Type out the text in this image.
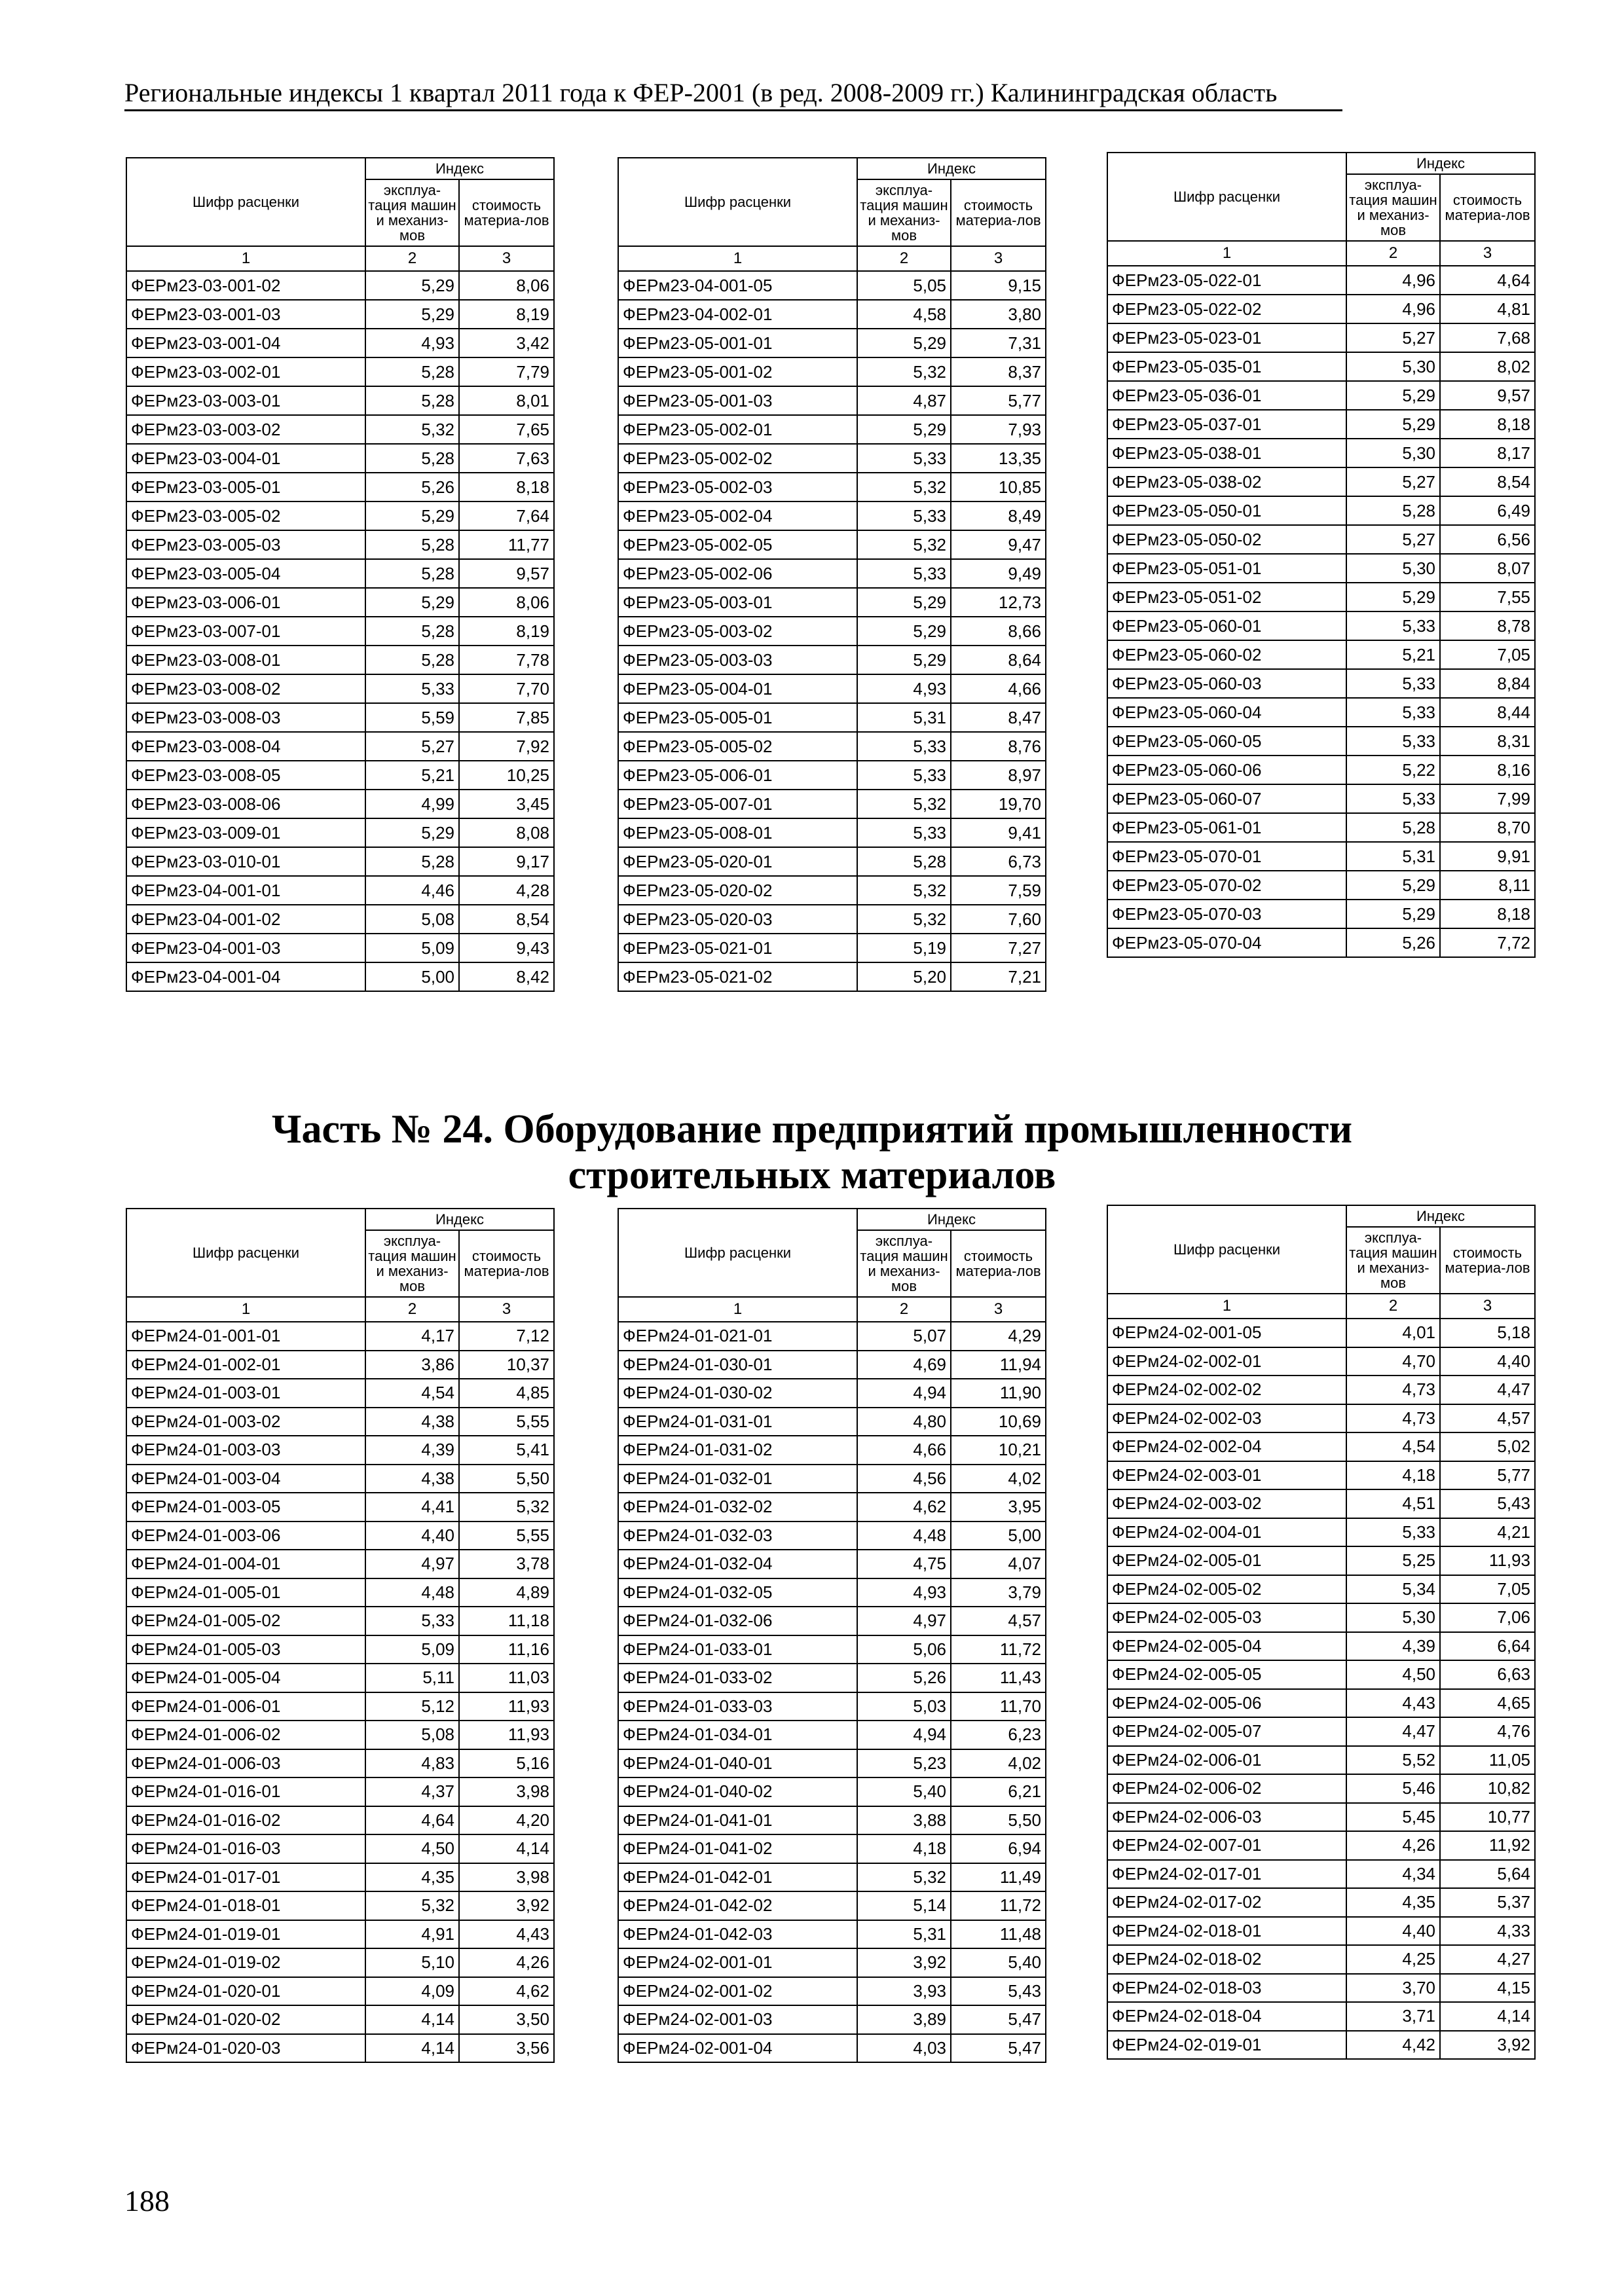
Региональные индексы 1 квартал 2011 года к ФЕР-2001 (в ред. 2008-2009 гг.) Калининградская область
Часть № 24. Оборудование предприятий промышленности
строительных материалов
188
Шифр расценки	Индекс	
	эксплуа-тация машин и механиз-мов	стоимость материа-лов
1	2	3
ФЕРм23-03-001-02	5,29	8,06
ФЕРм23-03-001-03	5,29	8,19
ФЕРм23-03-001-04	4,93	3,42
ФЕРм23-03-002-01	5,28	7,79
ФЕРм23-03-003-01	5,28	8,01
ФЕРм23-03-003-02	5,32	7,65
ФЕРм23-03-004-01	5,28	7,63
ФЕРм23-03-005-01	5,26	8,18
ФЕРм23-03-005-02	5,29	7,64
ФЕРм23-03-005-03	5,28	11,77
ФЕРм23-03-005-04	5,28	9,57
ФЕРм23-03-006-01	5,29	8,06
ФЕРм23-03-007-01	5,28	8,19
ФЕРм23-03-008-01	5,28	7,78
ФЕРм23-03-008-02	5,33	7,70
ФЕРм23-03-008-03	5,59	7,85
ФЕРм23-03-008-04	5,27	7,92
ФЕРм23-03-008-05	5,21	10,25
ФЕРм23-03-008-06	4,99	3,45
ФЕРм23-03-009-01	5,29	8,08
ФЕРм23-03-010-01	5,28	9,17
ФЕРм23-04-001-01	4,46	4,28
ФЕРм23-04-001-02	5,08	8,54
ФЕРм23-04-001-03	5,09	9,43
ФЕРм23-04-001-04	5,00	8,42
Шифр расценки	Индекс	
	эксплуа-тация машин и механиз-мов	стоимость материа-лов
1	2	3
ФЕРм23-04-001-05	5,05	9,15
ФЕРм23-04-002-01	4,58	3,80
ФЕРм23-05-001-01	5,29	7,31
ФЕРм23-05-001-02	5,32	8,37
ФЕРм23-05-001-03	4,87	5,77
ФЕРм23-05-002-01	5,29	7,93
ФЕРм23-05-002-02	5,33	13,35
ФЕРм23-05-002-03	5,32	10,85
ФЕРм23-05-002-04	5,33	8,49
ФЕРм23-05-002-05	5,32	9,47
ФЕРм23-05-002-06	5,33	9,49
ФЕРм23-05-003-01	5,29	12,73
ФЕРм23-05-003-02	5,29	8,66
ФЕРм23-05-003-03	5,29	8,64
ФЕРм23-05-004-01	4,93	4,66
ФЕРм23-05-005-01	5,31	8,47
ФЕРм23-05-005-02	5,33	8,76
ФЕРм23-05-006-01	5,33	8,97
ФЕРм23-05-007-01	5,32	19,70
ФЕРм23-05-008-01	5,33	9,41
ФЕРм23-05-020-01	5,28	6,73
ФЕРм23-05-020-02	5,32	7,59
ФЕРм23-05-020-03	5,32	7,60
ФЕРм23-05-021-01	5,19	7,27
ФЕРм23-05-021-02	5,20	7,21
Шифр расценки	Индекс	
	эксплуа-тация машин и механиз-мов	стоимость материа-лов
1	2	3
ФЕРм23-05-022-01	4,96	4,64
ФЕРм23-05-022-02	4,96	4,81
ФЕРм23-05-023-01	5,27	7,68
ФЕРм23-05-035-01	5,30	8,02
ФЕРм23-05-036-01	5,29	9,57
ФЕРм23-05-037-01	5,29	8,18
ФЕРм23-05-038-01	5,30	8,17
ФЕРм23-05-038-02	5,27	8,54
ФЕРм23-05-050-01	5,28	6,49
ФЕРм23-05-050-02	5,27	6,56
ФЕРм23-05-051-01	5,30	8,07
ФЕРм23-05-051-02	5,29	7,55
ФЕРм23-05-060-01	5,33	8,78
ФЕРм23-05-060-02	5,21	7,05
ФЕРм23-05-060-03	5,33	8,84
ФЕРм23-05-060-04	5,33	8,44
ФЕРм23-05-060-05	5,33	8,31
ФЕРм23-05-060-06	5,22	8,16
ФЕРм23-05-060-07	5,33	7,99
ФЕРм23-05-061-01	5,28	8,70
ФЕРм23-05-070-01	5,31	9,91
ФЕРм23-05-070-02	5,29	8,11
ФЕРм23-05-070-03	5,29	8,18
ФЕРм23-05-070-04	5,26	7,72
Шифр расценки	Индекс	
	эксплуа-тация машин и механиз-мов	стоимость материа-лов
1	2	3
ФЕРм24-01-001-01	4,17	7,12
ФЕРм24-01-002-01	3,86	10,37
ФЕРм24-01-003-01	4,54	4,85
ФЕРм24-01-003-02	4,38	5,55
ФЕРм24-01-003-03	4,39	5,41
ФЕРм24-01-003-04	4,38	5,50
ФЕРм24-01-003-05	4,41	5,32
ФЕРм24-01-003-06	4,40	5,55
ФЕРм24-01-004-01	4,97	3,78
ФЕРм24-01-005-01	4,48	4,89
ФЕРм24-01-005-02	5,33	11,18
ФЕРм24-01-005-03	5,09	11,16
ФЕРм24-01-005-04	5,11	11,03
ФЕРм24-01-006-01	5,12	11,93
ФЕРм24-01-006-02	5,08	11,93
ФЕРм24-01-006-03	4,83	5,16
ФЕРм24-01-016-01	4,37	3,98
ФЕРм24-01-016-02	4,64	4,20
ФЕРм24-01-016-03	4,50	4,14
ФЕРм24-01-017-01	4,35	3,98
ФЕРм24-01-018-01	5,32	3,92
ФЕРм24-01-019-01	4,91	4,43
ФЕРм24-01-019-02	5,10	4,26
ФЕРм24-01-020-01	4,09	4,62
ФЕРм24-01-020-02	4,14	3,50
ФЕРм24-01-020-03	4,14	3,56
Шифр расценки	Индекс	
	эксплуа-тация машин и механиз-мов	стоимость материа-лов
1	2	3
ФЕРм24-01-021-01	5,07	4,29
ФЕРм24-01-030-01	4,69	11,94
ФЕРм24-01-030-02	4,94	11,90
ФЕРм24-01-031-01	4,80	10,69
ФЕРм24-01-031-02	4,66	10,21
ФЕРм24-01-032-01	4,56	4,02
ФЕРм24-01-032-02	4,62	3,95
ФЕРм24-01-032-03	4,48	5,00
ФЕРм24-01-032-04	4,75	4,07
ФЕРм24-01-032-05	4,93	3,79
ФЕРм24-01-032-06	4,97	4,57
ФЕРм24-01-033-01	5,06	11,72
ФЕРм24-01-033-02	5,26	11,43
ФЕРм24-01-033-03	5,03	11,70
ФЕРм24-01-034-01	4,94	6,23
ФЕРм24-01-040-01	5,23	4,02
ФЕРм24-01-040-02	5,40	6,21
ФЕРм24-01-041-01	3,88	5,50
ФЕРм24-01-041-02	4,18	6,94
ФЕРм24-01-042-01	5,32	11,49
ФЕРм24-01-042-02	5,14	11,72
ФЕРм24-01-042-03	5,31	11,48
ФЕРм24-02-001-01	3,92	5,40
ФЕРм24-02-001-02	3,93	5,43
ФЕРм24-02-001-03	3,89	5,47
ФЕРм24-02-001-04	4,03	5,47
Шифр расценки	Индекс	
	эксплуа-тация машин и механиз-мов	стоимость материа-лов
1	2	3
ФЕРм24-02-001-05	4,01	5,18
ФЕРм24-02-002-01	4,70	4,40
ФЕРм24-02-002-02	4,73	4,47
ФЕРм24-02-002-03	4,73	4,57
ФЕРм24-02-002-04	4,54	5,02
ФЕРм24-02-003-01	4,18	5,77
ФЕРм24-02-003-02	4,51	5,43
ФЕРм24-02-004-01	5,33	4,21
ФЕРм24-02-005-01	5,25	11,93
ФЕРм24-02-005-02	5,34	7,05
ФЕРм24-02-005-03	5,30	7,06
ФЕРм24-02-005-04	4,39	6,64
ФЕРм24-02-005-05	4,50	6,63
ФЕРм24-02-005-06	4,43	4,65
ФЕРм24-02-005-07	4,47	4,76
ФЕРм24-02-006-01	5,52	11,05
ФЕРм24-02-006-02	5,46	10,82
ФЕРм24-02-006-03	5,45	10,77
ФЕРм24-02-007-01	4,26	11,92
ФЕРм24-02-017-01	4,34	5,64
ФЕРм24-02-017-02	4,35	5,37
ФЕРм24-02-018-01	4,40	4,33
ФЕРм24-02-018-02	4,25	4,27
ФЕРм24-02-018-03	3,70	4,15
ФЕРм24-02-018-04	3,71	4,14
ФЕРм24-02-019-01	4,42	3,92
